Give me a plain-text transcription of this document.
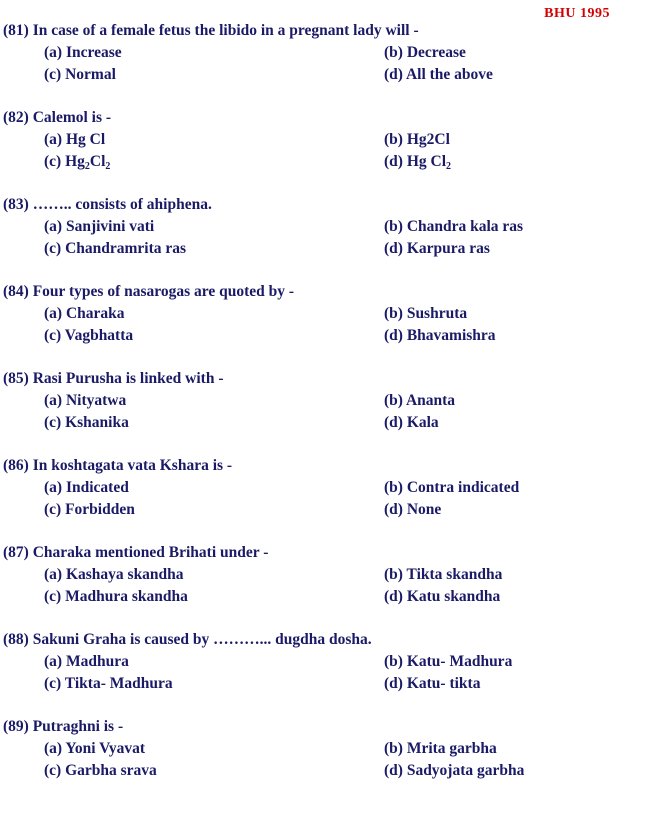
BHU 1995
(81) In case of a female fetus the libido in a pregnant lady will -
(a) Increase	(b) Decrease
(c) Normal	(d) All the above
(82) Calemol is -
(a) Hg Cl	(b) Hg2Cl
(c) $Hg_2Cl_2$	(d) Hg $Cl_2$
(83) …….. consists of ahiphena.
(a) Sanjivini vati	(b) Chandra kala ras
(c) Chandramrita ras	(d) Karpura ras
(84) Four types of nasarogas are quoted by -
(a) Charaka	(b) Sushruta
(c) Vagbhatta	(d) Bhavamishra
(85) Rasi Purusha is linked with -
(a) Nityatwa	(b) Ananta
(c) Kshanika	(d) Kala
(86) In koshtagata vata Kshara is -
(a) Indicated	(b) Contra indicated
(c) Forbidden	(d) None
(87) Charaka mentioned Brihati under -
(a) Kashaya skandha	(b) Tikta skandha
(c) Madhura skandha	(d) Katu skandha
(88) Sakuni Graha is caused by ………... dugdha dosha.
(a) Madhura	(b) Katu- Madhura
(c) Tikta- Madhura	(d) Katu- tikta
(89) Putraghni is -
(a) Yoni Vyavat	(b) Mrita garbha
(c) Garbha srava	(d) Sadyojata garbha
